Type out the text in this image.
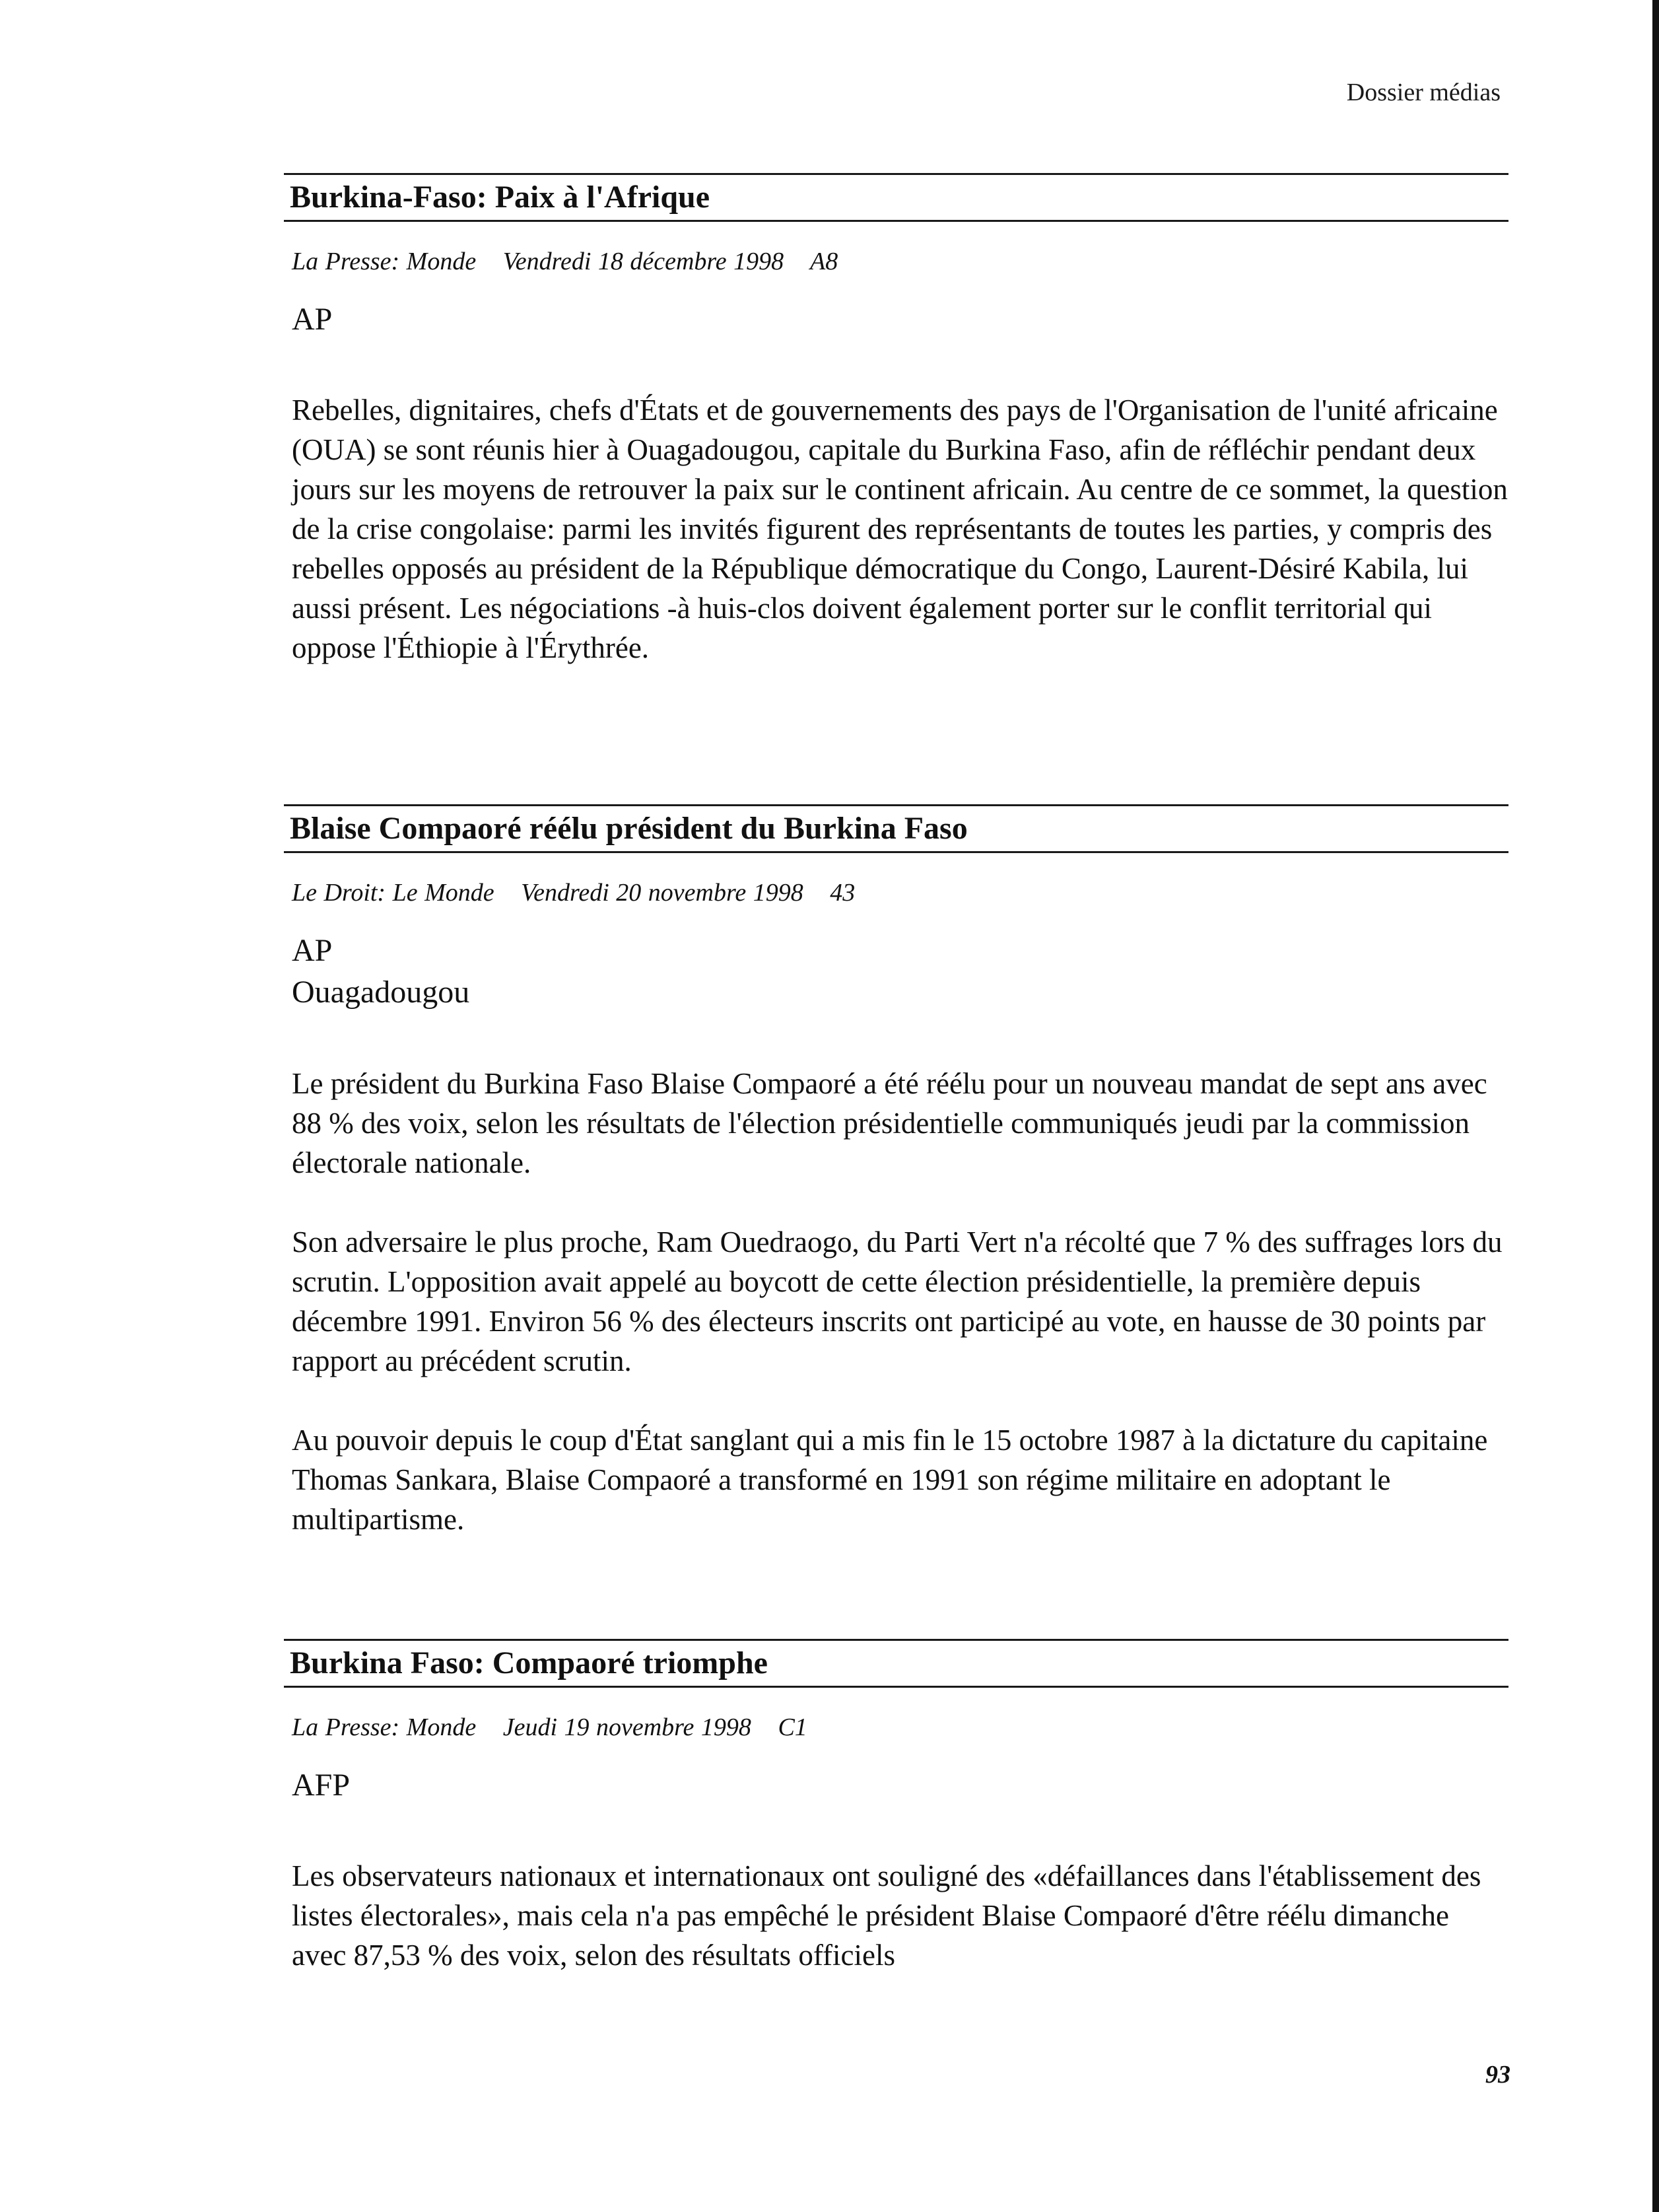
Dossier médias
Burkina-Faso: Paix à l'Afrique
La Presse: Monde Vendredi 18 décembre 1998 A8
AP

Rebelles, dignitaires, chefs d'États et de gouvernements des pays de l'Organisation de l'unité africaine (OUA) se sont réunis hier à Ouagadougou, capitale du Burkina Faso, afin de réfléchir pendant deux jours sur les moyens de retrouver la paix sur le continent africain. Au centre de ce sommet, la question de la crise congolaise: parmi les invités figurent des représentants de toutes les parties, y compris des rebelles opposés au président de la République démocratique du Congo, Laurent-Désiré Kabila, lui aussi présent. Les négociations -à huis-clos doivent également porter sur le conflit territorial qui oppose l'Éthiopie à l'Érythrée.

Blaise Compaoré réélu président du Burkina Faso
Le Droit: Le Monde Vendredi 20 novembre 1998 43
AP
Ouagadougou

Le président du Burkina Faso Blaise Compaoré a été réélu pour un nouveau mandat de sept ans avec 88 % des voix, selon les résultats de l'élection présidentielle communiqués jeudi par la commission électorale nationale.

Son adversaire le plus proche, Ram Ouedraogo, du Parti Vert n'a récolté que 7 % des suffrages lors du scrutin. L'opposition avait appelé au boycott de cette élection présidentielle, la première depuis décembre 1991. Environ 56 % des électeurs inscrits ont participé au vote, en hausse de 30 points par rapport au précédent scrutin.

Au pouvoir depuis le coup d'État sanglant qui a mis fin le 15 octobre 1987 à la dictature du capitaine Thomas Sankara, Blaise Compaoré a transformé en 1991 son régime militaire en adoptant le multipartisme.

Burkina Faso: Compaoré triomphe
La Presse: Monde Jeudi 19 novembre 1998 C1
AFP

Les observateurs nationaux et internationaux ont souligné des «défaillances dans l'établissement des listes électorales», mais cela n'a pas empêché le président Blaise Compaoré d'être réélu dimanche avec 87,53 % des voix, selon des résultats officiels

93
